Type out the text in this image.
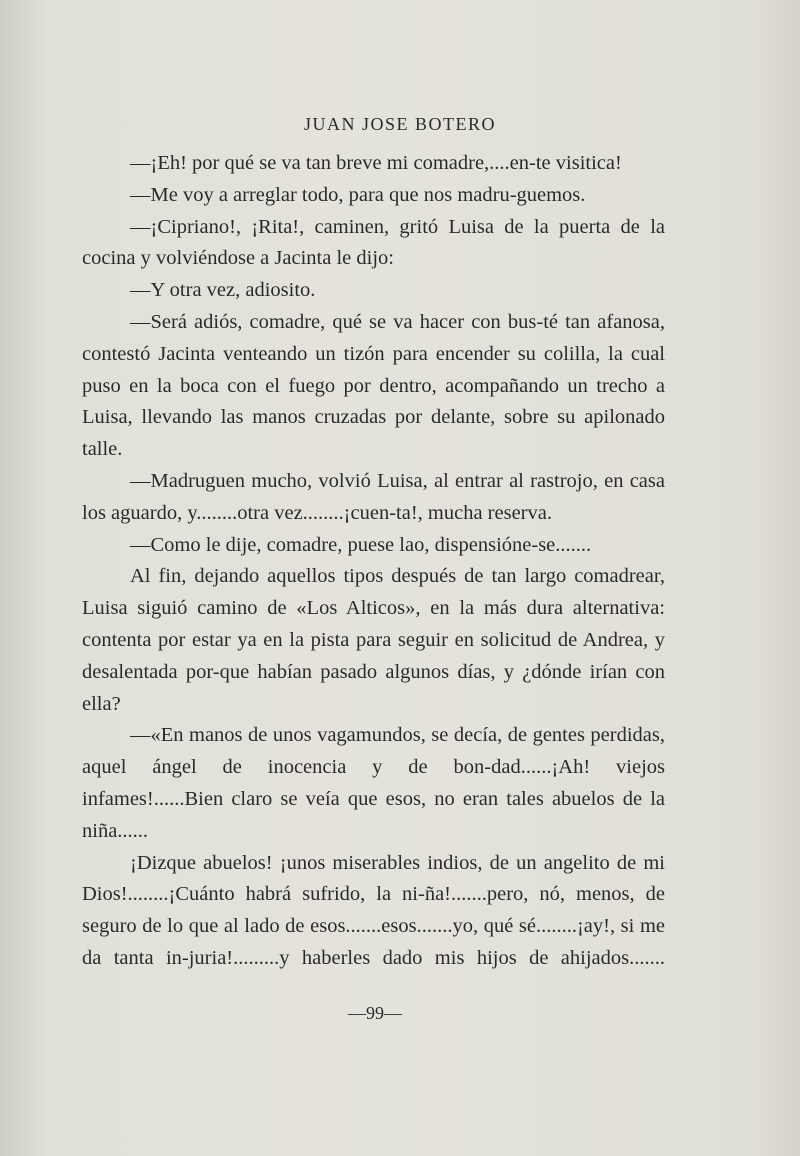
JUAN JOSE BOTERO

—¡Eh! por qué se va tan breve mi comadre,....en-te visitica!

—Me voy a arreglar todo, para que nos madru-guemos.

—¡Cipriano!, ¡Rita!, caminen, gritó Luisa de la puerta de la cocina y volviéndose a Jacinta le dijo:

—Y otra vez, adiosito.

—Será adiós, comadre, qué se va hacer con bus-té tan afanosa, contestó Jacinta venteando un tizón para encender su colilla, la cual puso en la boca con el fuego por dentro, acompañando un trecho a Luisa, llevando las manos cruzadas por delante, sobre su apilonado talle.

—Madruguen mucho, volvió Luisa, al entrar al rastrojo, en casa los aguardo, y........otra vez........¡cuen-ta!, mucha reserva.

—Como le dije, comadre, puese lao, dispensióne-se.......

Al fin, dejando aquellos tipos después de tan largo comadrear, Luisa siguió camino de «Los Alticos», en la más dura alternativa: contenta por estar ya en la pista para seguir en solicitud de Andrea, y desalentada por-que habían pasado algunos días, y ¿dónde irían con ella?

—«En manos de unos vagamundos, se decía, de gentes perdidas, aquel ángel de inocencia y de bon-dad......¡Ah! viejos infames!......Bien claro se veía que esos, no eran tales abuelos de la niña......

¡Dizque abuelos! ¡unos miserables indios, de un angelito de mi Dios!........¡Cuánto habrá sufrido, la ni-ña!.......pero, nó, menos, de seguro de lo que al lado de esos.......esos.......yo, qué sé........¡ay!, si me da tanta in-juria!.........y haberles dado mis hijos de ahijados.......

—99—
